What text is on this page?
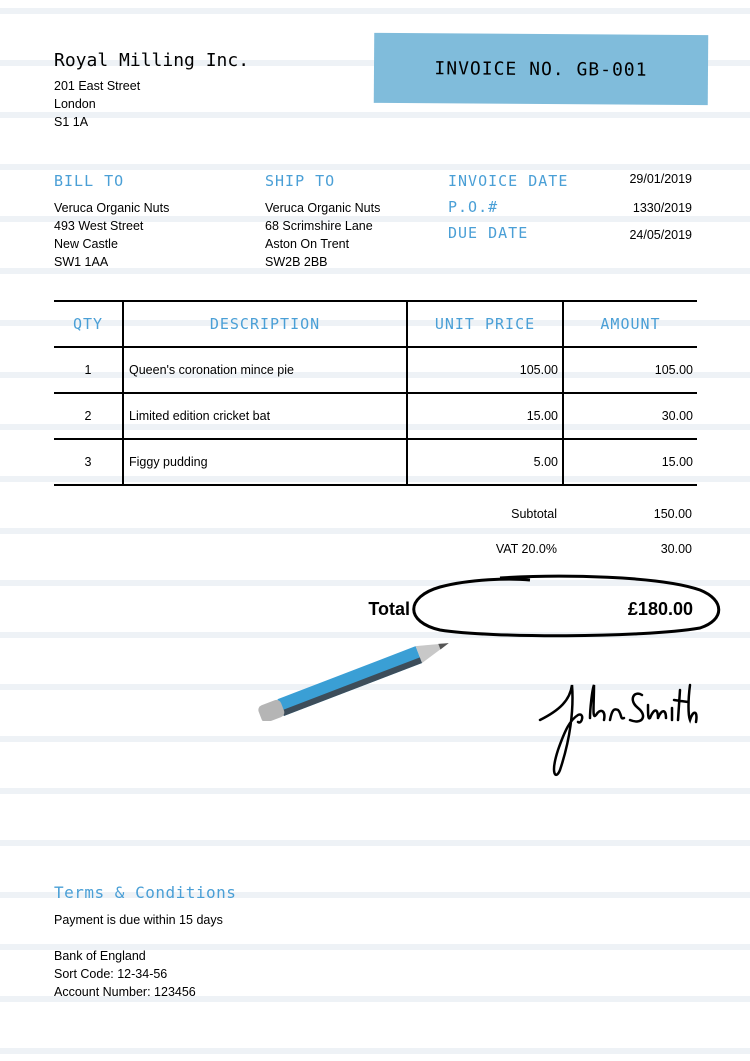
Royal Milling Inc.
201 East Street
London
S1 1A
INVOICE NO. GB-001
BILL TO
Veruca Organic Nuts
493 West Street
New Castle
SW1 1AA
SHIP TO
Veruca Organic Nuts
68 Scrimshire Lane
Aston On Trent
SW2B 2BB
INVOICE DATE	29/01/2019
P.O.#	1330/2019
DUE DATE	24/05/2019
QTY	DESCRIPTION	UNIT PRICE	AMOUNT
1	Queen's coronation mince pie	105.00	105.00
2	Limited edition cricket bat	15.00	30.00
3	Figgy pudding	5.00	15.00
Subtotal	150.00
VAT 20.0%	30.00
Total	£180.00
Terms & Conditions
Payment is due within 15 days
Bank of England
Sort Code: 12-34-56
Account Number: 123456
